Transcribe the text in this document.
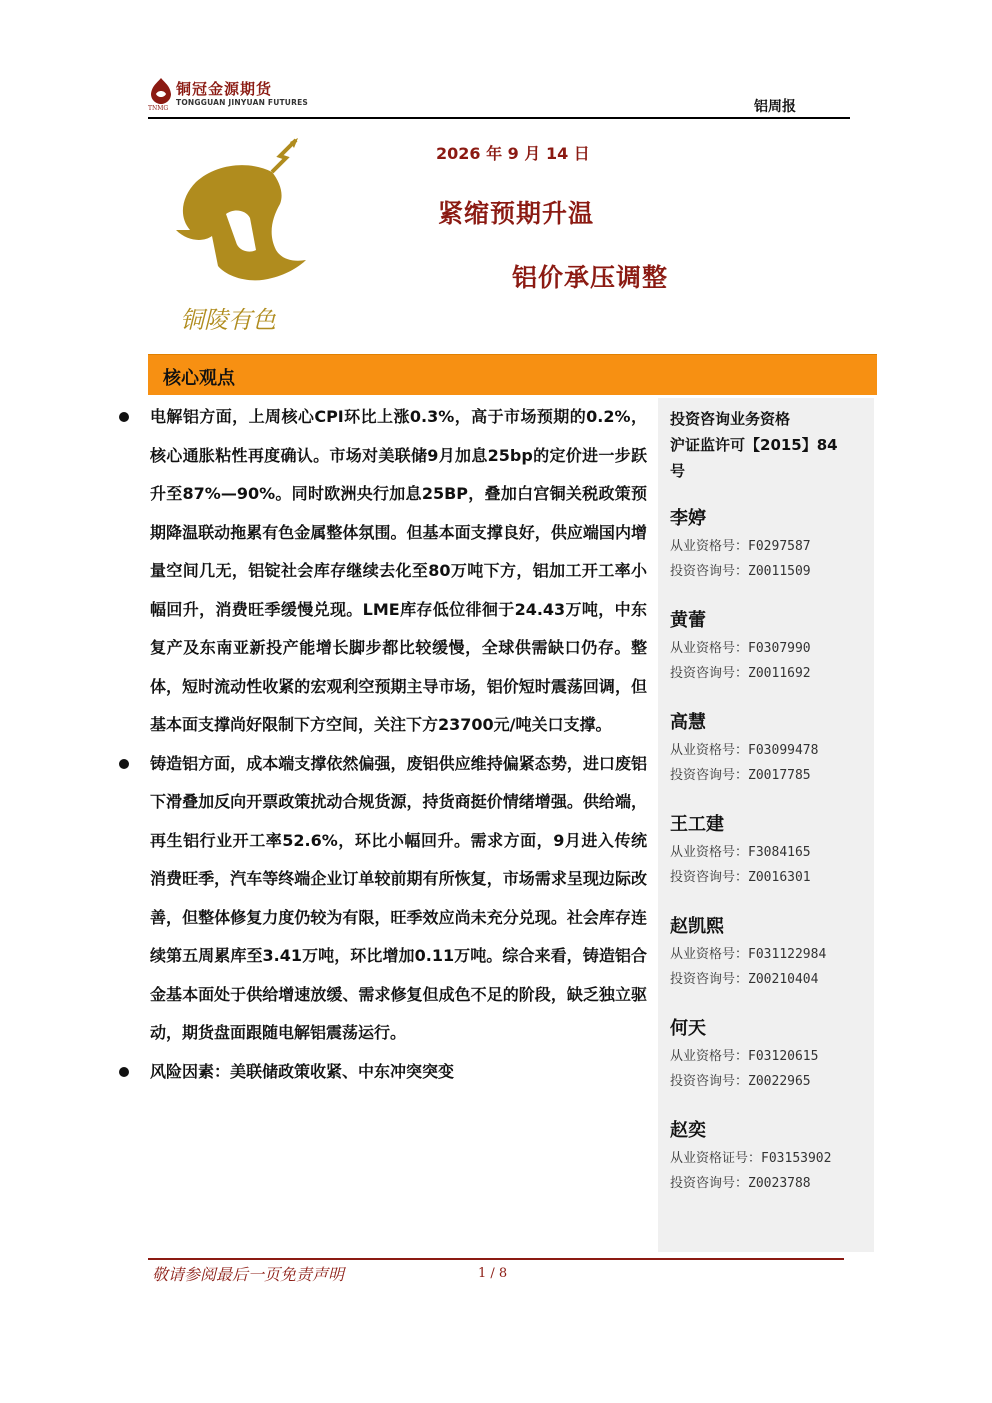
铜冠金源期货
TONGGUAN JINYUAN FUTURES
TNMG	铝周报
铜陵有色
2026 年 9 月 14 日
紧缩预期升温
铝价承压调整
核心观点

电解铝方面，上周核心CPI环比上涨0.3%，高于市场预期的0.2%，核心通胀粘性再度确认。市场对美联储9月加息25bp的定价进一步跃升至87%—90%。同时欧洲央行加息25BP，叠加白宫铜关税政策预期降温联动拖累有色金属整体氛围。但基本面支撑良好，供应端国内增量空间几无，铝锭社会库存继续去化至80万吨下方，铝加工开工率小幅回升，消费旺季缓慢兑现。LME库存低位徘徊于24.43万吨，中东复产及东南亚新投产能增长脚步都比较缓慢，全球供需缺口仍存。整体，短时流动性收紧的宏观利空预期主导市场，铝价短时震荡回调，但基本面支撑尚好限制下方空间，关注下方23700元/吨关口支撑。

铸造铝方面，成本端支撑依然偏强，废铝供应维持偏紧态势，进口废铝下滑叠加反向开票政策扰动合规货源，持货商挺价情绪增强。供给端，再生铝行业开工率52.6%，环比小幅回升。需求方面，9月进入传统消费旺季，汽车等终端企业订单较前期有所恢复，市场需求呈现边际改善，但整体修复力度仍较为有限，旺季效应尚未充分兑现。社会库存连续第五周累库至3.41万吨，环比增加0.11万吨。综合来看，铸造铝合金基本面处于供给增速放缓、需求修复但成色不足的阶段，缺乏独立驱动，期货盘面跟随电解铝震荡运行。

风险因素：美联储政策收紧、中东冲突突变

投资咨询业务资格
沪证监许可【2015】84
号
李婷
从业资格号：F0297587
投资咨询号：Z0011509
黄蕾
从业资格号：F0307990
投资咨询号：Z0011692
高慧
从业资格号：F03099478
投资咨询号：Z0017785
王工建
从业资格号：F3084165
投资咨询号：Z0016301
赵凯熙
从业资格号：F031122984
投资咨询号：Z00210404
何天
从业资格号：F03120615
投资咨询号：Z0022965
赵奕
从业资格证号：F03153902
投资咨询号：Z0023788
敬请参阅最后一页免责声明	1 / 8
